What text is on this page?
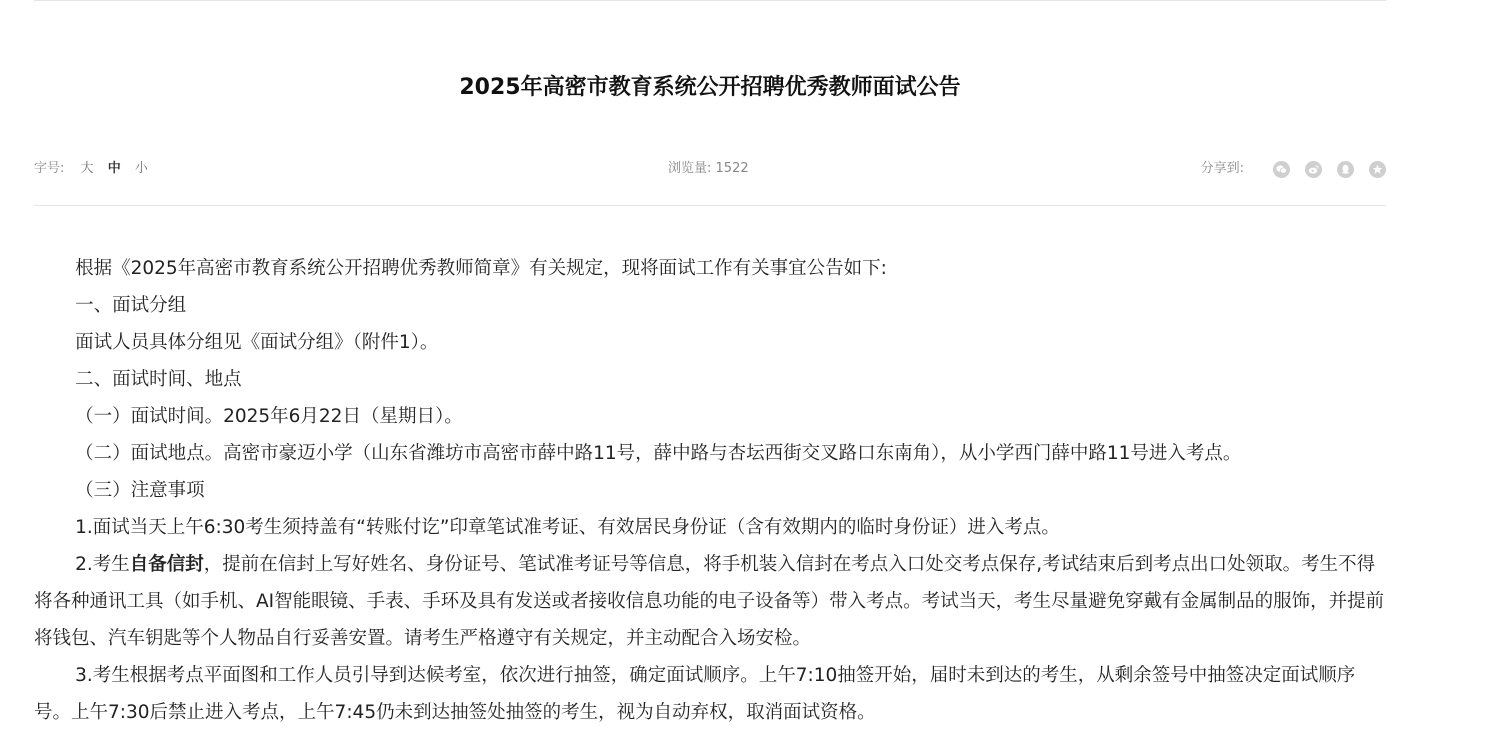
2025年高密市教育系统公开招聘优秀教师面试公告
字号: 大 中 小	浏览量: 1522	分享到:

根据《2025年高密市教育系统公开招聘优秀教师简章》有关规定，现将面试工作有关事宜公告如下:

一、面试分组

面试人员具体分组见《面试分组》（附件1）。

二、面试时间、地点

（一）面试时间。2025年6月22日（星期日）。

（二）面试地点。高密市豪迈小学（山东省潍坊市高密市薛中路11号，薛中路与杏坛西街交叉路口东南角），从小学西门薛中路11号进入考点。

（三）注意事项

1.面试当天上午6:30考生须持盖有“转账付讫”印章笔试准考证、有效居民身份证（含有效期内的临时身份证）进入考点。

2.考生自备信封，提前在信封上写好姓名、身份证号、笔试准考证号等信息，将手机装入信封在考点入口处交考点保存,考试结束后到考点出口处领取。考生不得将各种通讯工具（如手机、AI智能眼镜、手表、手环及具有发送或者接收信息功能的电子设备等）带入考点。考试当天，考生尽量避免穿戴有金属制品的服饰，并提前将钱包、汽车钥匙等个人物品自行妥善安置。请考生严格遵守有关规定，并主动配合入场安检。

3.考生根据考点平面图和工作人员引导到达候考室，依次进行抽签，确定面试顺序。上午7:10抽签开始，届时未到达的考生，从剩余签号中抽签决定面试顺序号。上午7:30后禁止进入考点，上午7:45仍未到达抽签处抽签的考生，视为自动弃权，取消面试资格。
